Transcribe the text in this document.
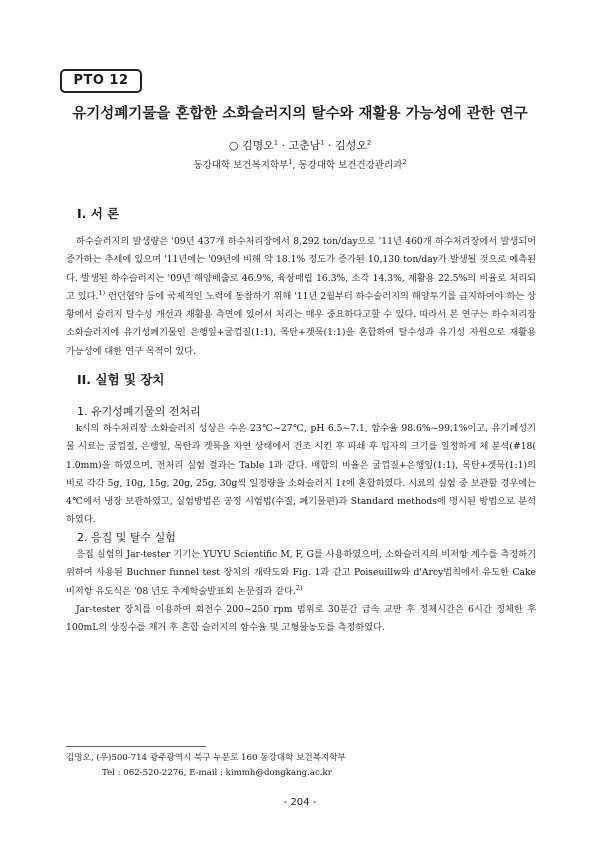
PTO 12
유기성폐기물을 혼합한 소화슬러지의 탈수와 재활용 가능성에 관한 연구
○ 김명오$^1$ · 고춘남$^1$ · 김성오$^2$
동강대학 보건복지학부$^1$, 동강대학 보건건강관리과$^2$
I. 서 론

하수슬러지의 발생량은 '09년 437개 하수처리장에서 8,292 ton/day으로 '11년 460개 하수처리장에서 발생되어 증가하는 추세에 있으며 '11년에는 '09년에 비해 약 18.1% 정도가 증가된 10,130 ton/day가 발생될 것으로 예측된다. 발생된 하수슬러지는 '09년 해양배출로 46.9%, 육상매립 16.3%, 소각 14.3%, 재활용 22.5%의 비율로 처리되고 있다.$^{1)}$ 런던협약 등에 국제적인 노력에 동참하기 위해 '11년 2월부터 하수슬러지의 해양투기를 금지하여야 하는 상황에서 슬러지 탈수성 개선과 재활용 측면에 있어서 처리는 매우 중요하다고할 수 있다. 따라서 본 연구는 하수처리장 소화슬러지에 유기성폐기물인 은행잎+굴껍질(1:1), 목탄+겟묵(1:1)을 혼합하여 탈수성과 유기성 자원으로 재활용 가능성에 대한 연구 목적이 있다.

II. 실험 및 장치
1. 유기성폐기물의 전처리

k시의 하수처리장 소화슬러지 성상은 수온 23℃~27℃, pH 6.5~7.1, 함수율 98.6%~99.1%이고, 유기폐성기물 시료는 굴껍질, 은행잎, 목탄과 겟묵을 자연 상태에서 건조 시킨 후 파쇄 후 입자의 크기를 일정하게 체 분석(#18( 1.0mm)을 하였으며, 전처리 실험 결과는 Table 1과 같다. 배합의 비율은 굴껍질+은행잎(1:1), 목탄+겟묵(1:1)의 비로 각각 5g, 10g, 15g, 20g, 25g, 30g씩 일정량을 소화슬러지 1ℓ에 혼합하였다. 시료의 실험 중 보관할 경우에는 4℃에서 냉장 보관하였고, 실험방법은 공정 시험법(수질, 폐기물편)과 Standard methods에 명시된 방법으로 분석 하였다.

2. 응집 및 탈수 실험

응집 실험의 Jar-tester 기기는 YUYU Scientific M, F, G를 사용하였으며, 소화슬러지의 비저항 계수를 측정하기 위하여 사용된 Buchner funnel test 장치의 개략도와 Fig. 1과 같고 Poiseuillw와 d'Arcy법칙에서 유도한 Cake 비저항 유도식은 '08 년도 추계학술발표회 논문집과 같다.$^{2)}$

Jar-tester 장치를 이용하여 회전수 200~250 rpm 범위로 30분간 급속 교반 후 정체시간은 6시간 정체한 후 100mL의 상징수를 채거 후 혼합 슬러지의 함수율 및 고형물농도를 측정하였다.

김명오, (우)500-714 광주광역시 북구 누문로 160 동강대학 보건복지학부
Tel : 062-520-2276, E-mail : kimmh@dongkang.ac.kr
- 204 -
